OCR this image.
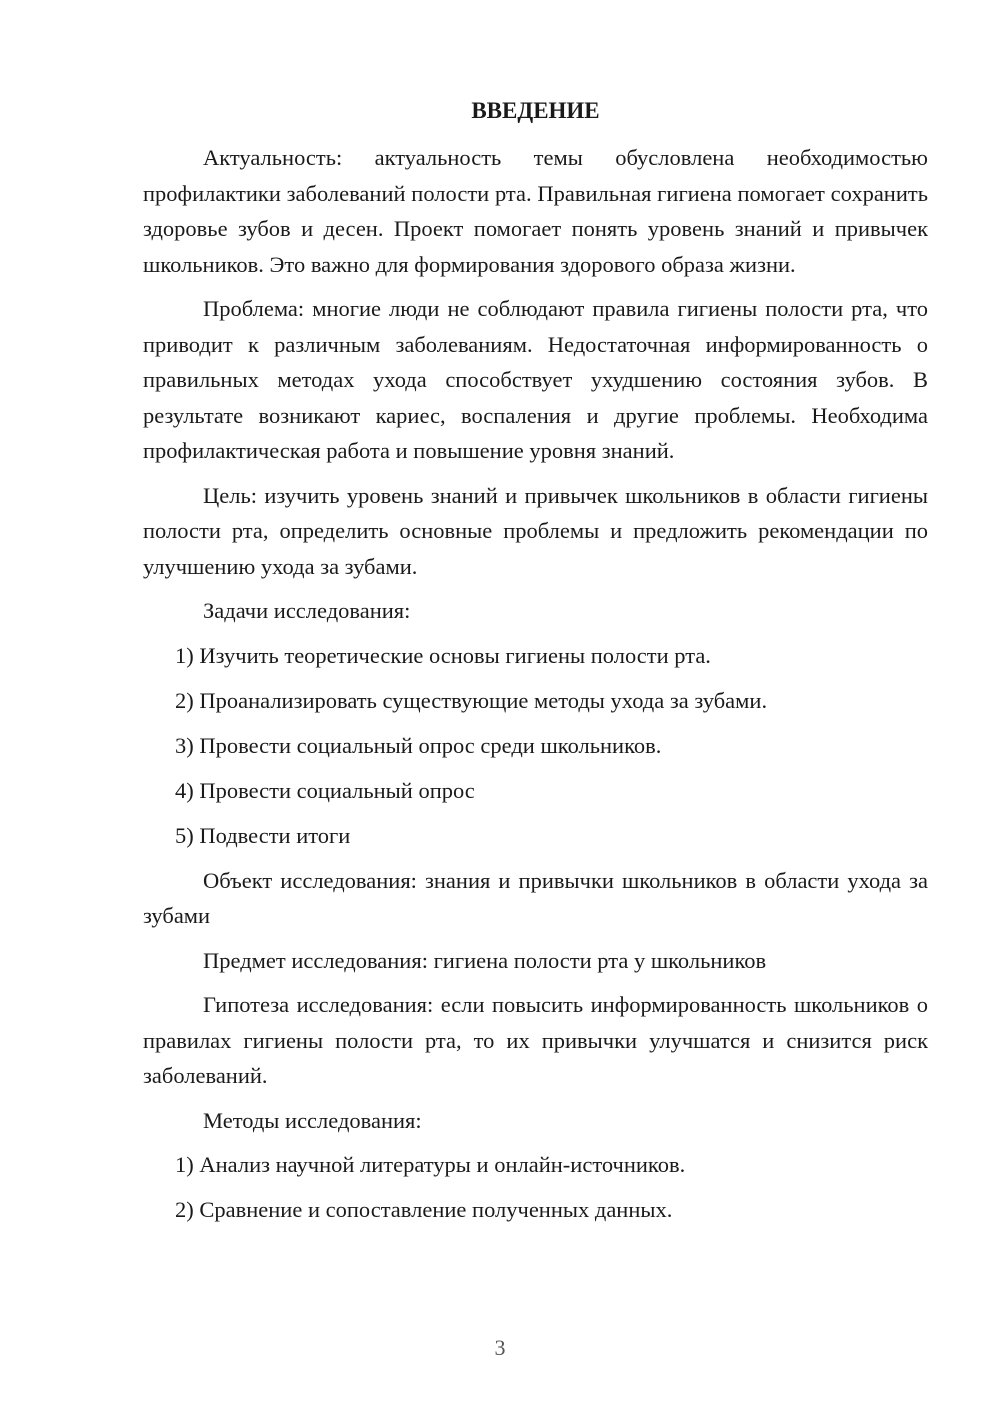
ВВЕДЕНИЕ

Актуальность: актуальность темы обусловлена необходимостью профилактики заболеваний полости рта. Правильная гигиена помогает сохранить здоровье зубов и десен. Проект помогает понять уровень знаний и привычек школьников. Это важно для формирования здорового образа жизни.

Проблема: многие люди не соблюдают правила гигиены полости рта, что приводит к различным заболеваниям. Недостаточная информированность о правильных методах ухода способствует ухудшению состояния зубов. В результате возникают кариес, воспаления и другие проблемы. Необходима профилактическая работа и повышение уровня знаний.

Цель: изучить уровень знаний и привычек школьников в области гигиены полости рта, определить основные проблемы и предложить рекомендации по улучшению ухода за зубами.

Задачи исследования:

1) Изучить теоретические основы гигиены полости рта.

2) Проанализировать существующие методы ухода за зубами.

3) Провести социальный опрос среди школьников.

4) Провести социальный опрос

5) Подвести итоги

Объект исследования: знания и привычки школьников в области ухода за зубами

Предмет исследования: гигиена полости рта у школьников

Гипотеза исследования: если повысить информированность школьников о правилах гигиены полости рта, то их привычки улучшатся и снизится риск заболеваний.

Методы исследования:

1) Анализ научной литературы и онлайн-источников.

2) Сравнение и сопоставление полученных данных.

3
